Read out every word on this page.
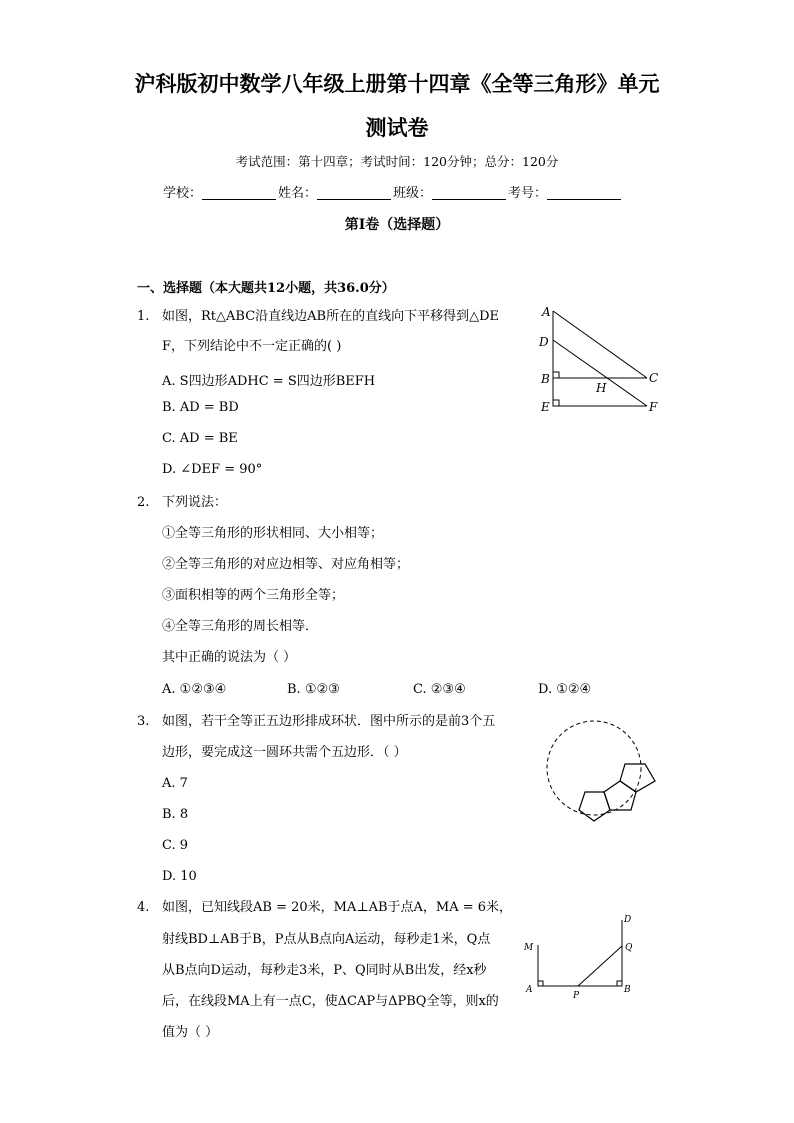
沪科版初中数学八年级上册第十四章《全等三角形》单元
测试卷
考试范围：第十四章；考试时间：120分钟；总分：120分
学校：	姓名：	班级：	考号：
第I卷（选择题）
一、选择题（本大题共12小题，共36.0分）
1. 如图，Rt△ABC沿直线边AB所在的直线向下平移得到△DE
F，下列结论中不一定正确的( )
A. S四边形ADHC = S四边形BEFH
B. AD = BD
C. AD = BE
D. ∠DEF = 90°
A
D
B
E
C
H
F
2. 下列说法：
①全等三角形的形状相同、大小相等；
②全等三角形的对应边相等、对应角相等；
③面积相等的两个三角形全等；
④全等三角形的周长相等．
其中正确的说法为（ ）
A. ①②③④	B. ①②③	C. ②③④	D. ①②④
3. 如图，若干全等正五边形排成环状．图中所示的是前3个五
边形，要完成这一圆环共需个五边形．（ ）
A. 7
B. 8
C. 9
D. 10
4. 如图，已知线段AB = 20米，MA⊥AB于点A，MA = 6米，
射线BD⊥AB于B，P点从B点向A运动，每秒走1米，Q点
从B点向D运动，每秒走3米，P、Q同时从B出发，经x秒
后，在线段MA上有一点C，使ΔCAP与ΔPBQ全等，则x的
值为（ ）
D
M	Q
A
P
B
